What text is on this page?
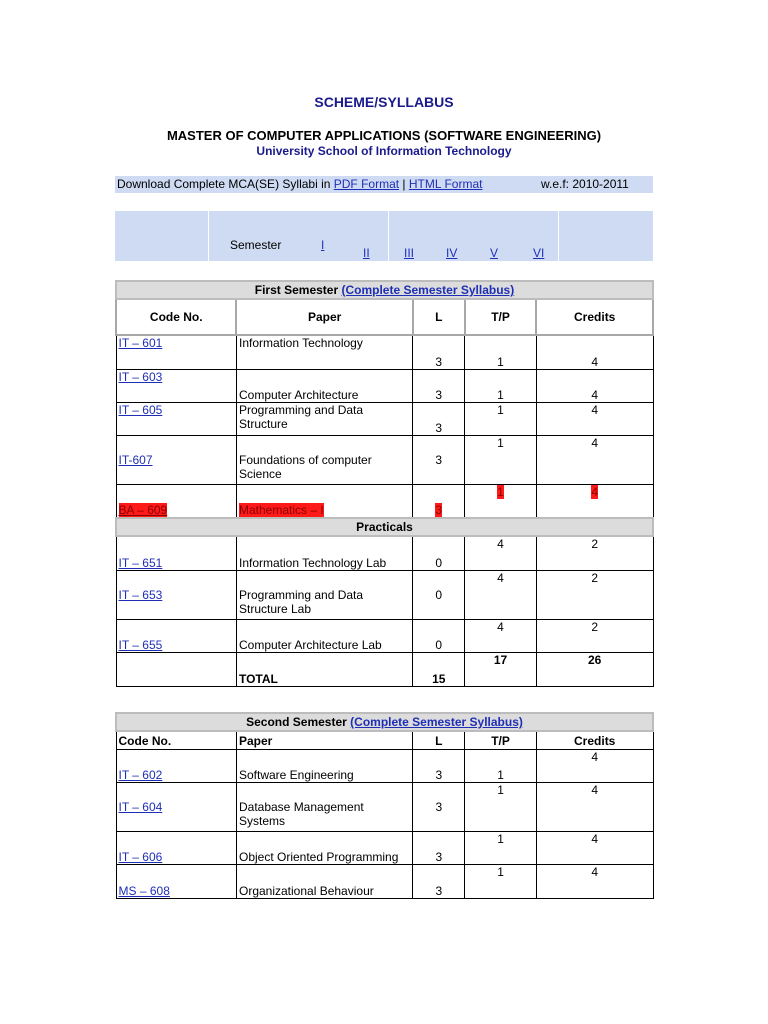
SCHEME/SYLLABUS
MASTER OF COMPUTER APPLICATIONS (SOFTWARE ENGINEERING)
University School of Information Technology
Download Complete MCA(SE) Syllabi in PDF Format | HTML Format	w.e.f: 2010-2011
Semester	I
II	III	IV	V	VI
First Semester (Complete Semester Syllabus)				
Code No.	Paper	L	T/P	Credits
IT – 601	Information Technology	3	1	4
IT – 603	Computer Architecture	3	1	4
IT – 605	Programming and Data Structure	3	1	4
IT-607	Foundations of computer Science	3	1	4
BA – 609	Mathematics – I	3	1	4
Practicals				
IT – 651	Information Technology Lab	0	4	2
IT – 653	Programming and Data Structure Lab	0	4	2
IT – 655	Computer Architecture Lab	0	4	2
	TOTAL	15	17	26
Second Semester (Complete Semester Syllabus)				
Code No.	Paper	L	T/P	Credits
IT – 602	Software Engineering	3	1	4
IT – 604	Database Management Systems	3	1	4
IT – 606	Object Oriented Programming	3	1	4
MS – 608	Organizational Behaviour	3	1	4
